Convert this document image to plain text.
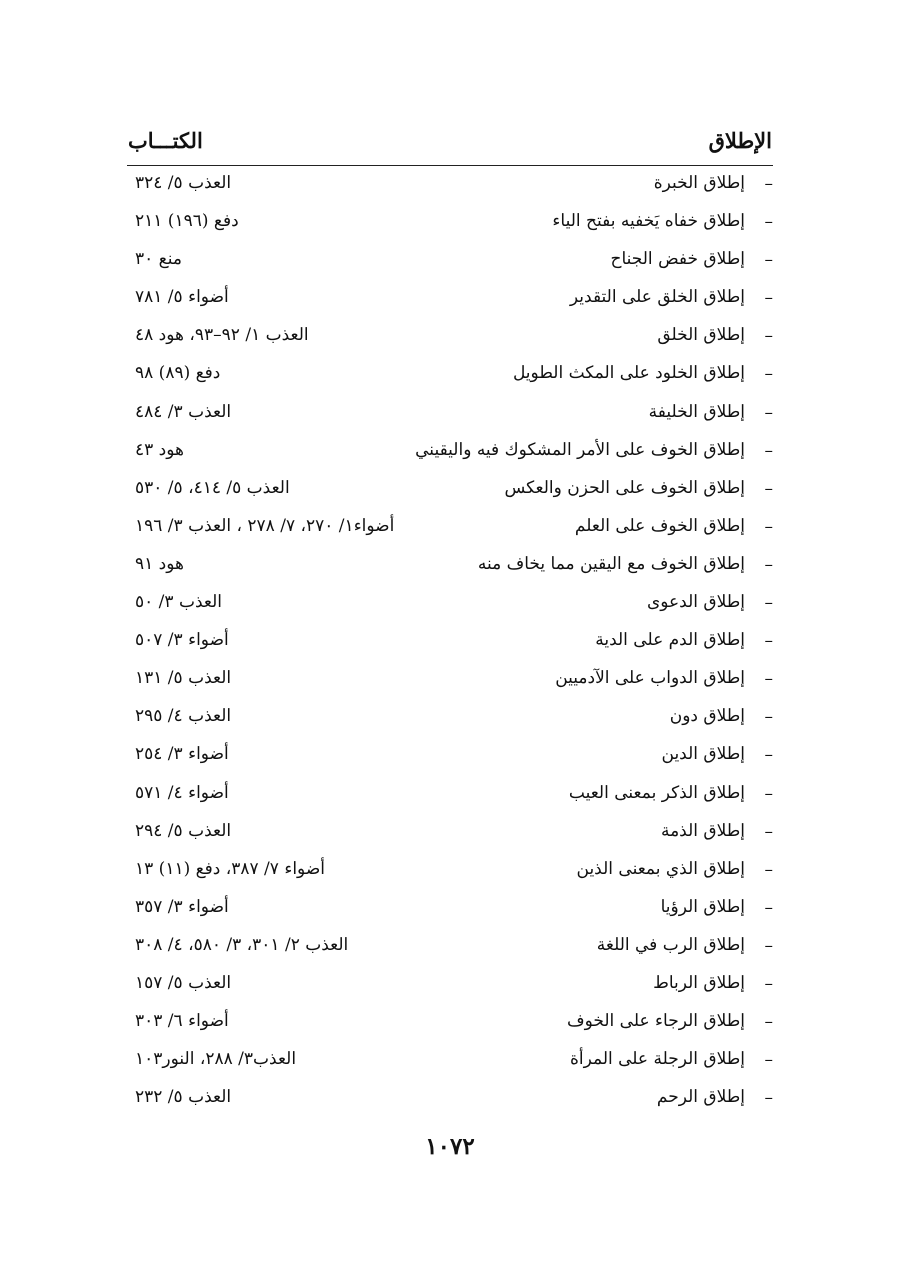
الكتـــاب	الإطلاق
–
إطلاق الخبرة
العذب ٥/ ٣٢٤
–
إطلاق خفاه يَخفيه بفتح الياء
دفع (١٩٦) ٢١١
–
إطلاق خفض الجناح
منع ٣٠
–
إطلاق الخلق على التقدير
أضواء ٥/ ٧٨١
–
إطلاق الخلق
العذب ١/ ٩٢–٩٣، هود ٤٨
–
إطلاق الخلود على المكث الطويل
دفع (٨٩) ٩٨
–
إطلاق الخليفة
العذب ٣/ ٤٨٤
–
إطلاق الخوف على الأمر المشكوك فيه واليقيني
هود ٤٣
–
إطلاق الخوف على الحزن والعكس
العذب ٥/ ٤١٤، ٥/ ٥٣٠
–
إطلاق الخوف على العلم
أضواء١/ ٢٧٠، ٧/ ٢٧٨ ، العذب ٣/ ١٩٦
–
إطلاق الخوف مع اليقين مما يخاف منه
هود ٩١
–
إطلاق الدعوى
العذب ٣/ ٥٠
–
إطلاق الدم على الدية
أضواء ٣/ ٥٠٧
–
إطلاق الدواب على الآدميين
العذب ٥/ ١٣١
–
إطلاق دون
العذب ٤/ ٢٩٥
–
إطلاق الدين
أضواء ٣/ ٢٥٤
–
إطلاق الذكر بمعنى العيب
أضواء ٤/ ٥٧١
–
إطلاق الذمة
العذب ٥/ ٢٩٤
–
إطلاق الذي بمعنى الذين
أضواء ٧/ ٣٨٧، دفع (١١) ١٣
–
إطلاق الرؤيا
أضواء ٣/ ٣٥٧
–
إطلاق الرب في اللغة
العذب ٢/ ٣٠١، ٣/ ٥٨٠، ٤/ ٣٠٨
–
إطلاق الرباط
العذب ٥/ ١٥٧
–
إطلاق الرجاء على الخوف
أضواء ٦/ ٣٠٣
–
إطلاق الرجلة على المرأة
العذب٣/ ٢٨٨، النور١٠٣
–
إطلاق الرحم
العذب ٥/ ٢٣٢
١٠٧٢
